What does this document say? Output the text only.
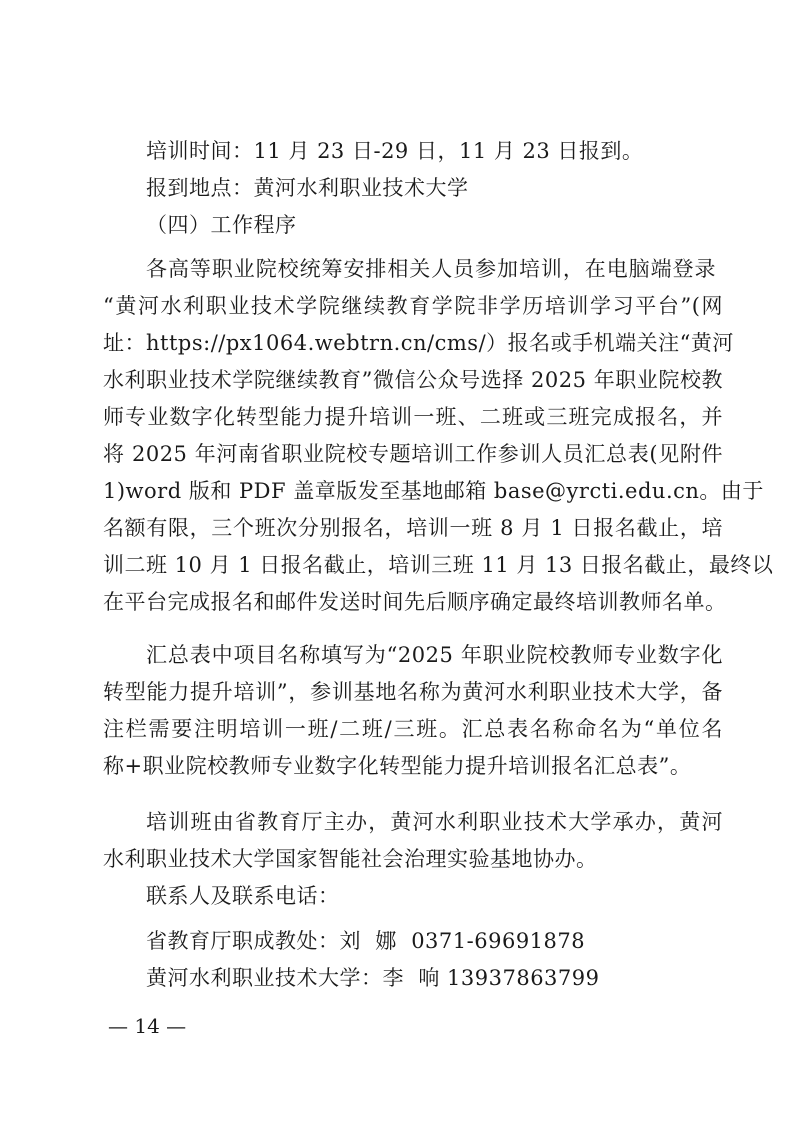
培训时间：11 月 23 日-29 日，11 月 23 日报到。
报到地点：黄河水利职业技术大学
（四）工作程序
各高等职业院校统筹安排相关人员参加培训，在电脑端登录
“黄河水利职业技术学院继续教育学院非学历培训学习平台”(网
址：https://px1064.webtrn.cn/cms/）报名或手机端关注“黄河
水利职业技术学院继续教育”微信公众号选择 2025 年职业院校教
师专业数字化转型能力提升培训一班、二班或三班完成报名，并
将 2025 年河南省职业院校专题培训工作参训人员汇总表(见附件
1)word 版和 PDF 盖章版发至基地邮箱 base@yrcti.edu.cn。由于
名额有限，三个班次分别报名，培训一班 8 月 1 日报名截止，培
训二班 10 月 1 日报名截止，培训三班 11 月 13 日报名截止，最终以
在平台完成报名和邮件发送时间先后顺序确定最终培训教师名单。
汇总表中项目名称填写为“2025 年职业院校教师专业数字化
转型能力提升培训”，参训基地名称为黄河水利职业技术大学，备
注栏需要注明培训一班/二班/三班。汇总表名称命名为“单位名
称+职业院校教师专业数字化转型能力提升培训报名汇总表”。
培训班由省教育厅主办，黄河水利职业技术大学承办，黄河
水利职业技术大学国家智能社会治理实验基地协办。
联系人及联系电话：
省教育厅职成教处：刘  娜  0371-69691878
黄河水利职业技术大学：李  响 13937863799
— 14 —
